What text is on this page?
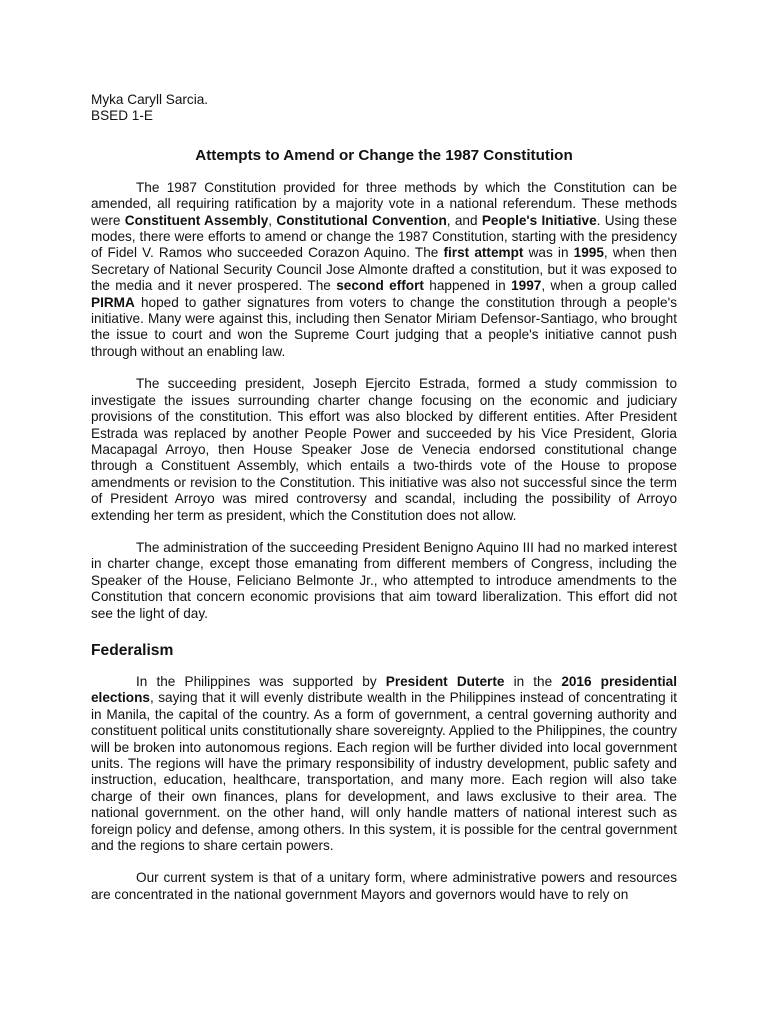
Myka Caryll Sarcia.
BSED 1-E
Attempts to Amend or Change the 1987 Constitution

The 1987 Constitution provided for three methods by which the Constitution can be amended, all requiring ratification by a majority vote in a national referendum. These methods were Constituent Assembly, Constitutional Convention, and People's Initiative. Using these modes, there were efforts to amend or change the 1987 Constitution, starting with the presidency of Fidel V. Ramos who succeeded Corazon Aquino. The first attempt was in 1995, when then Secretary of National Security Council Jose Almonte drafted a constitution, but it was exposed to the media and it never prospered. The second effort happened in 1997, when a group called PIRMA hoped to gather signatures from voters to change the constitution through a people's initiative. Many were against this, including then Senator Miriam Defensor-Santiago, who brought the issue to court and won the Supreme Court judging that a people's initiative cannot push through without an enabling law.

The succeeding president, Joseph Ejercito Estrada, formed a study commission to investigate the issues surrounding charter change focusing on the economic and judiciary provisions of the constitution. This effort was also blocked by different entities. After President Estrada was replaced by another People Power and succeeded by his Vice President, Gloria Macapagal Arroyo, then House Speaker Jose de Venecia endorsed constitutional change through a Constituent Assembly, which entails a two-thirds vote of the House to propose amendments or revision to the Constitution. This initiative was also not successful since the term of President Arroyo was mired controversy and scandal, including the possibility of Arroyo extending her term as president, which the Constitution does not allow.

The administration of the succeeding President Benigno Aquino III had no marked interest in charter change, except those emanating from different members of Congress, including the Speaker of the House, Feliciano Belmonte Jr., who attempted to introduce amendments to the Constitution that concern economic provisions that aim toward liberalization. This effort did not see the light of day.

Federalism

In the Philippines was supported by President Duterte in the 2016 presidential elections, saying that it will evenly distribute wealth in the Philippines instead of concentrating it in Manila, the capital of the country. As a form of government, a central governing authority and constituent political units constitutionally share sovereignty. Applied to the Philippines, the country will be broken into autonomous regions. Each region will be further divided into local government units. The regions will have the primary responsibility of industry development, public safety and instruction, education, healthcare, transportation, and many more. Each region will also take charge of their own finances, plans for development, and laws exclusive to their area. The national government. on the other hand, will only handle matters of national interest such as foreign policy and defense, among others. In this system, it is possible for the central government and the regions to share certain powers.

Our current system is that of a unitary form, where administrative powers and resources are concentrated in the national government Mayors and governors would have to rely on
